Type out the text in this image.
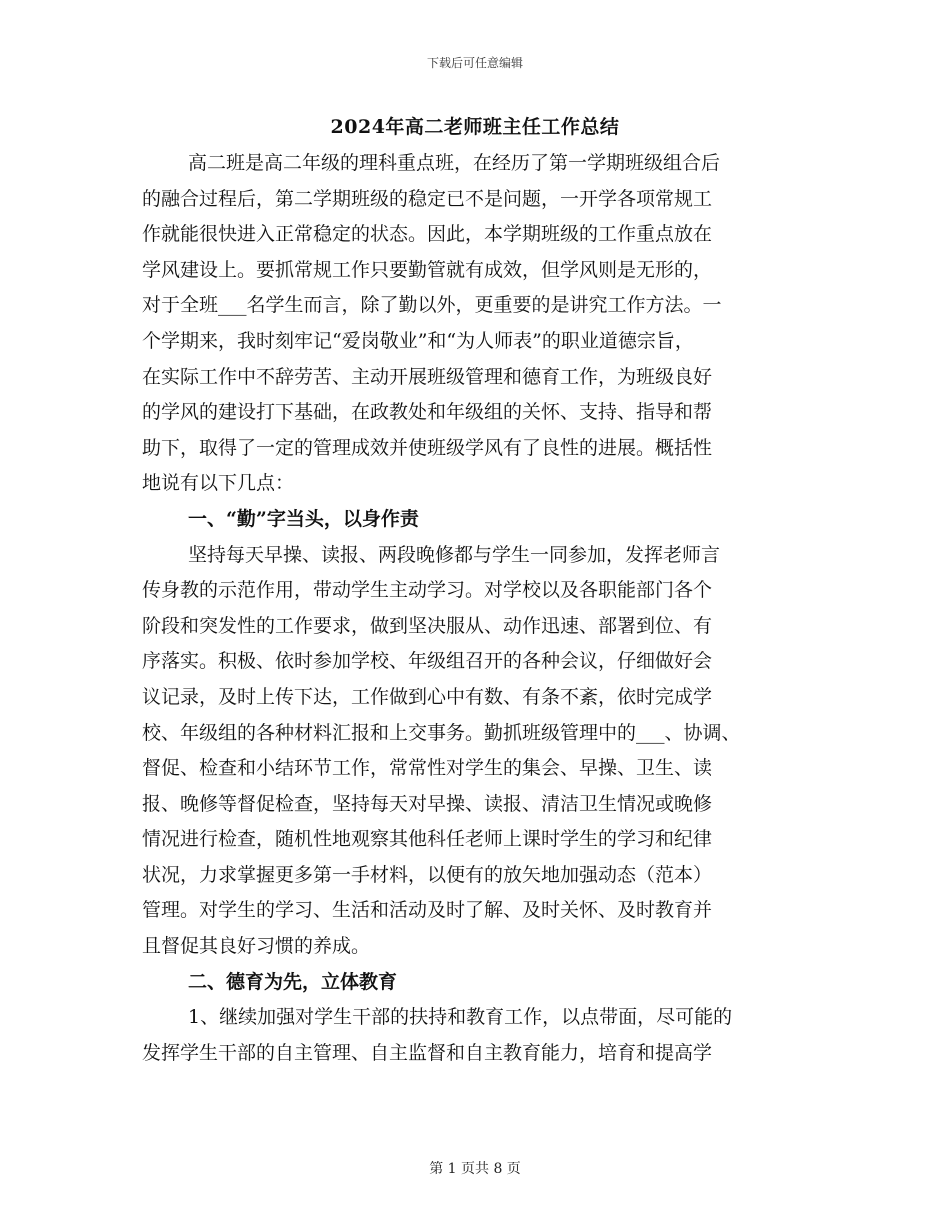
下载后可任意编辑
2024年高二老师班主任工作总结
高二班是高二年级的理科重点班，在经历了第一学期班级组合后
的融合过程后，第二学期班级的稳定已不是问题，一开学各项常规工
作就能很快进入正常稳定的状态。因此，本学期班级的工作重点放在
学风建设上。要抓常规工作只要勤管就有成效，但学风则是无形的，
对于全班___名学生而言，除了勤以外，更重要的是讲究工作方法。一
个学期来，我时刻牢记“爱岗敬业”和“为人师表”的职业道德宗旨，
在实际工作中不辞劳苦、主动开展班级管理和德育工作，为班级良好
的学风的建设打下基础，在政教处和年级组的关怀、支持、指导和帮
助下，取得了一定的管理成效并使班级学风有了良性的进展。概括性
地说有以下几点：
一、“勤”字当头，以身作责
坚持每天早操、读报、两段晚修都与学生一同参加，发挥老师言
传身教的示范作用，带动学生主动学习。对学校以及各职能部门各个
阶段和突发性的工作要求，做到坚决服从、动作迅速、部署到位、有
序落实。积极、依时参加学校、年级组召开的各种会议，仔细做好会
议记录，及时上传下达，工作做到心中有数、有条不紊，依时完成学
校、年级组的各种材料汇报和上交事务。勤抓班级管理中的___、协调、
督促、检查和小结环节工作，常常性对学生的集会、早操、卫生、读
报、晚修等督促检查，坚持每天对早操、读报、清洁卫生情况或晚修
情况进行检查，随机性地观察其他科任老师上课时学生的学习和纪律
状况，力求掌握更多第一手材料，以便有的放矢地加强动态（范本）
管理。对学生的学习、生活和活动及时了解、及时关怀、及时教育并
且督促其良好习惯的养成。
二、德育为先，立体教育
1、继续加强对学生干部的扶持和教育工作，以点带面，尽可能的
发挥学生干部的自主管理、自主监督和自主教育能力，培育和提高学
第 1 页共 8 页
